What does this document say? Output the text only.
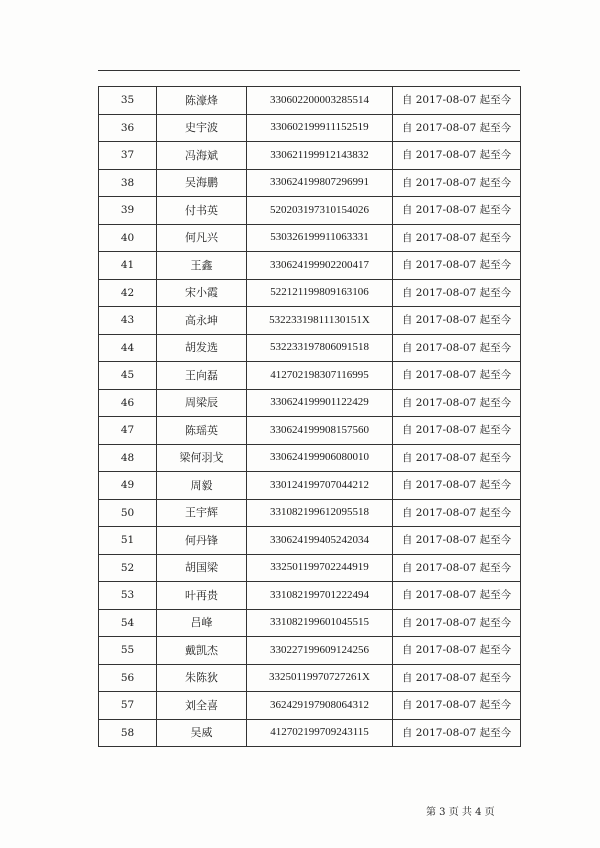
35	陈濠烽	330602200003285514	自 2017-08-07 起至今
36	史宇波	330602199911152519	自 2017-08-07 起至今
37	冯海斌	330621199912143832	自 2017-08-07 起至今
38	吴海鹏	330624199807296991	自 2017-08-07 起至今
39	付书英	520203197310154026	自 2017-08-07 起至今
40	何凡兴	530326199911063331	自 2017-08-07 起至今
41	王鑫	330624199902200417	自 2017-08-07 起至今
42	宋小霞	522121199809163106	自 2017-08-07 起至今
43	高永坤	53223319811130151X	自 2017-08-07 起至今
44	胡发选	532233197806091518	自 2017-08-07 起至今
45	王向磊	412702198307116995	自 2017-08-07 起至今
46	周梁辰	330624199901122429	自 2017-08-07 起至今
47	陈瑶英	330624199908157560	自 2017-08-07 起至今
48	梁何羽戈	330624199906080010	自 2017-08-07 起至今
49	周毅	330124199707044212	自 2017-08-07 起至今
50	王宇辉	331082199612095518	自 2017-08-07 起至今
51	何丹锋	330624199405242034	自 2017-08-07 起至今
52	胡国梁	332501199702244919	自 2017-08-07 起至今
53	叶再贵	331082199701222494	自 2017-08-07 起至今
54	吕峰	331082199601045515	自 2017-08-07 起至今
55	戴凯杰	330227199609124256	自 2017-08-07 起至今
56	朱陈狄	33250119970727261X	自 2017-08-07 起至今
57	刘全喜	362429197908064312	自 2017-08-07 起至今
58	吴威	412702199709243115	自 2017-08-07 起至今
第 3 页 共 4 页
